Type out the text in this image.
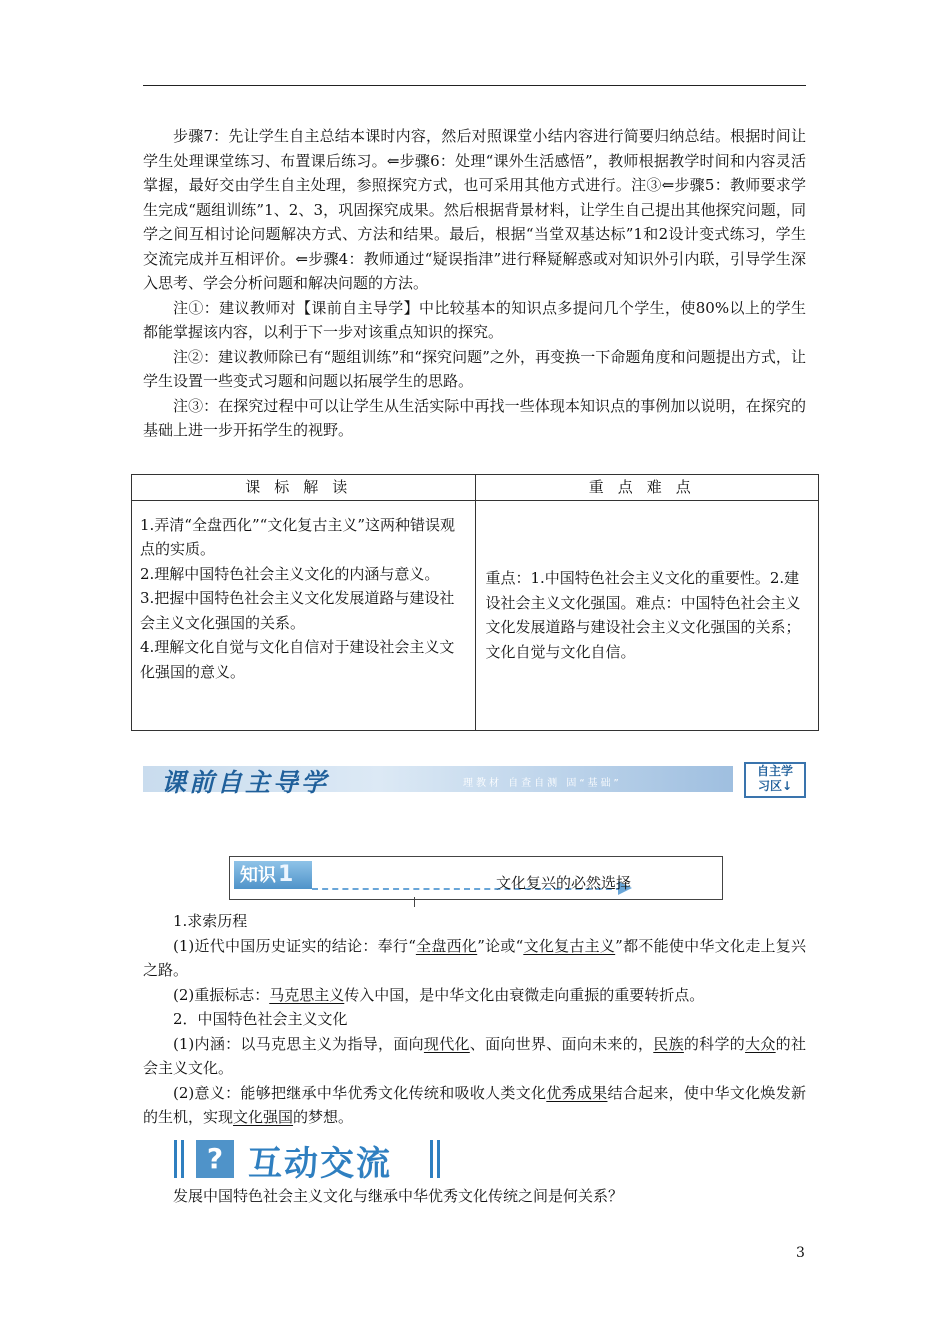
步骤7：先让学生自主总结本课时内容，然后对照课堂小结内容进行简要归纳总结。根据时间让学生处理课堂练习、布置课后练习。⇐步骤6：处理“课外生活感悟”，教师根据教学时间和内容灵活掌握，最好交由学生自主处理，参照探究方式，也可采用其他方式进行。注③⇐步骤5：教师要求学生完成“题组训练”1、2、3，巩固探究成果。然后根据背景材料，让学生自己提出其他探究问题，同学之间互相讨论问题解决方式、方法和结果。最后，根据“当堂双基达标”1和2设计变式练习，学生交流完成并互相评价。⇐步骤4：教师通过“疑误指津”进行释疑解惑或对知识外引内联，引导学生深入思考、学会分析问题和解决问题的方法。

注①：建议教师对【课前自主导学】中比较基本的知识点多提问几个学生，使80%以上的学生都能掌握该内容，以利于下一步对该重点知识的探究。

注②：建议教师除已有“题组训练”和“探究问题”之外，再变换一下命题角度和问题提出方式，让学生设置一些变式习题和问题以拓展学生的思路。

注③：在探究过程中可以让学生从生活实际中再找一些体现本知识点的事例加以说明，在探究的基础上进一步开拓学生的视野。

课标解读	重点难点

1.弄清“全盘西化”“文化复古主义”这两种错误观点的实质。

2.理解中国特色社会主义文化的内涵与意义。

3.把握中国特色社会主义文化发展道路与建设社会主义文化强国的关系。

4.理解文化自觉与文化自信对于建设社会主义文化强国的意义。	重点：1.中国特色社会主义文化的重要性。2.建设社会主义文化强国。难点：中国特色社会主义文化发展道路与建设社会主义文化强国的关系；文化自觉与文化自信。

课前自主导学	理教材 自查自测 固“基础”
自主学
习区↓
知识1	文化复兴的必然选择

1.求索历程

(1)近代中国历史证实的结论：奉行“全盘西化”论或“文化复古主义”都不能使中华文化走上复兴之路。

(2)重振标志：马克思主义传入中国，是中华文化由衰微走向重振的重要转折点。

2．中国特色社会主义文化

(1)内涵：以马克思主义为指导，面向现代化、面向世界、面向未来的，民族的科学的大众的社会主义文化。

(2)意义：能够把继承中华优秀文化传统和吸收人类文化优秀成果结合起来，使中华文化焕发新的生机，实现文化强国的梦想。

? 互动交流

发展中国特色社会主义文化与继承中华优秀文化传统之间是何关系？

3
